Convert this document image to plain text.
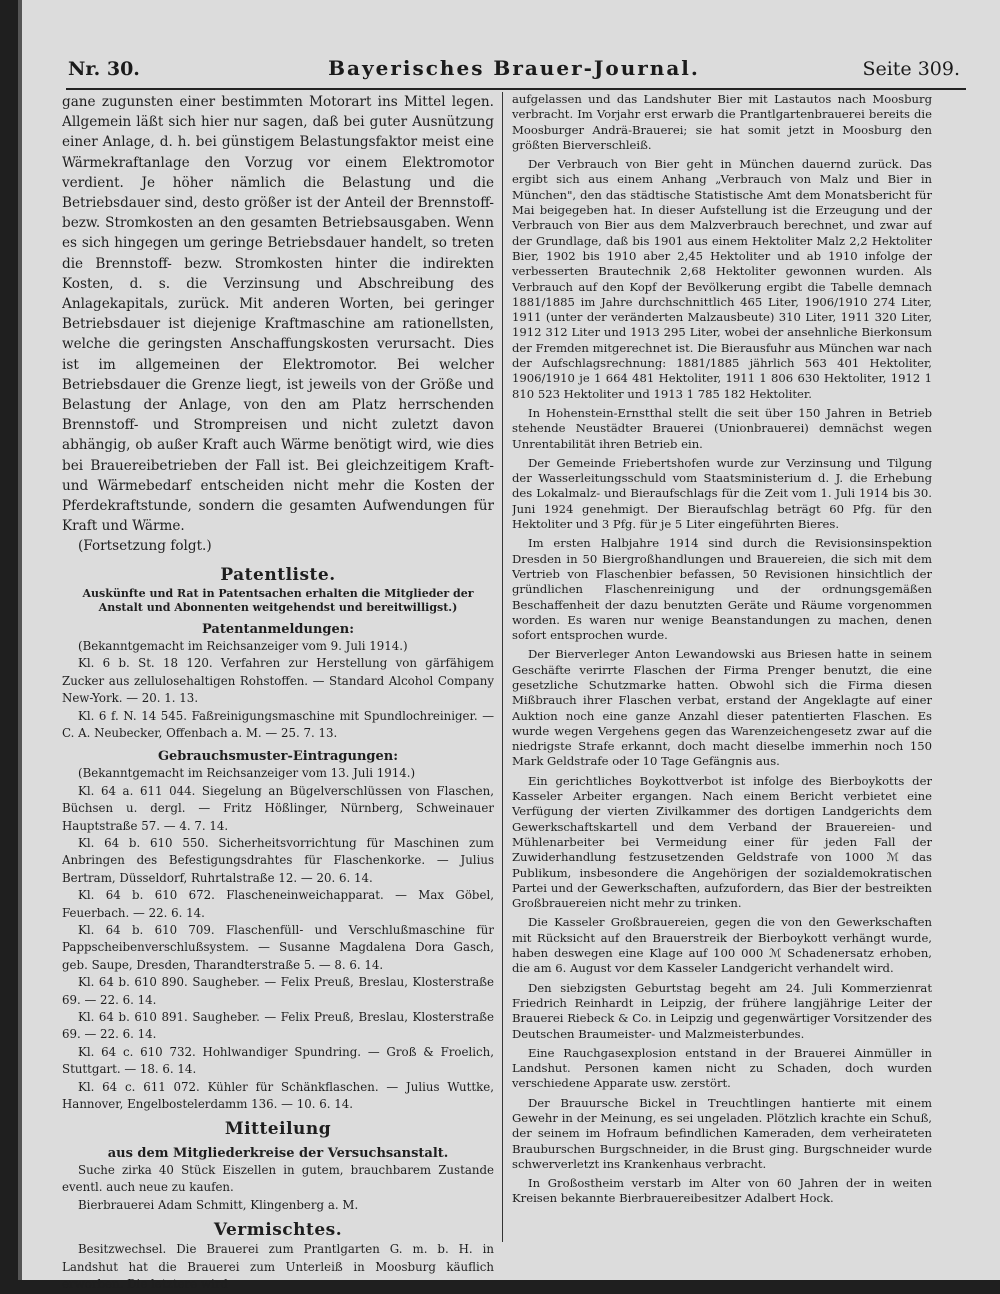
Nr. 30.	Bayerisches Brauer-Journal.	Seite 309.

gane zugunsten einer bestimmten Motorart ins Mittel legen. Allgemein läßt sich hier nur sagen, daß bei guter Ausnützung einer Anlage, d. h. bei günstigem Belastungsfaktor meist eine Wärmekraftanlage den Vorzug vor einem Elektromotor verdient. Je höher nämlich die Belastung und die Betriebsdauer sind, desto größer ist der Anteil der Brennstoff- bezw. Stromkosten an den gesamten Betriebsausgaben. Wenn es sich hingegen um geringe Betriebsdauer handelt, so treten die Brennstoff- bezw. Stromkosten hinter die indirekten Kosten, d. s. die Verzinsung und Abschreibung des Anlagekapitals, zurück. Mit anderen Worten, bei geringer Betriebsdauer ist diejenige Kraftmaschine am rationellsten, welche die geringsten Anschaffungskosten verursacht. Dies ist im allgemeinen der Elektromotor. Bei welcher Betriebsdauer die Grenze liegt, ist jeweils von der Größe und Belastung der Anlage, von den am Platz herrschenden Brennstoff- und Strompreisen und nicht zuletzt davon abhängig, ob außer Kraft auch Wärme benötigt wird, wie dies bei Brauereibetrieben der Fall ist. Bei gleichzeitigem Kraft- und Wärmebedarf entscheiden nicht mehr die Kosten der Pferdekraftstunde, sondern die gesamten Aufwendungen für Kraft und Wärme.

(Fortsetzung folgt.)

Patentliste.
Auskünfte und Rat in Patentsachen erhalten die Mitglieder der Anstalt und Abonnenten weitgehendst und bereitwilligst.)
Patentanmeldungen:

(Bekanntgemacht im Reichsanzeiger vom 9. Juli 1914.)

Kl. 6 b. St. 18 120. Verfahren zur Herstellung von gärfähigem Zucker aus zellulosehaltigen Rohstoffen. — Standard Alcohol Company New-York. — 20. 1. 13.

Kl. 6 f. N. 14 545. Faßreinigungsmaschine mit Spundlochreiniger. — C. A. Neubecker, Offenbach a. M. — 25. 7. 13.

Gebrauchsmuster-Eintragungen:

(Bekanntgemacht im Reichsanzeiger vom 13. Juli 1914.)

Kl. 64 a. 611 044. Siegelung an Bügelverschlüssen von Flaschen, Büchsen u. dergl. — Fritz Hößlinger, Nürnberg, Schweinauer Hauptstraße 57. — 4. 7. 14.

Kl. 64 b. 610 550. Sicherheitsvorrichtung für Maschinen zum Anbringen des Befestigungsdrahtes für Flaschenkorke. — Julius Bertram, Düsseldorf, Ruhrtalstraße 12. — 20. 6. 14.

Kl. 64 b. 610 672. Flascheneinweichapparat. — Max Göbel, Feuerbach. — 22. 6. 14.

Kl. 64 b. 610 709. Flaschenfüll- und Verschlußmaschine für Pappscheibenverschlußsystem. — Susanne Magdalena Dora Gasch, geb. Saupe, Dresden, Tharandterstraße 5. — 8. 6. 14.

Kl. 64 b. 610 890. Saugheber. — Felix Preuß, Breslau, Klosterstraße 69. — 22. 6. 14.

Kl. 64 b. 610 891. Saugheber. — Felix Preuß, Breslau, Klosterstraße 69. — 22. 6. 14.

Kl. 64 c. 610 732. Hohlwandiger Spundring. — Groß & Froelich, Stuttgart. — 18. 6. 14.

Kl. 64 c. 611 072. Kühler für Schänkflaschen. — Julius Wuttke, Hannover, Engelbostelerdamm 136. — 10. 6. 14.

Mitteilung
aus dem Mitgliederkreise der Versuchsanstalt.

Suche zirka 40 Stück Eiszellen in gutem, brauchbarem Zustande eventl. auch neue zu kaufen.

Bierbrauerei Adam Schmitt, Klingenberg a. M.

Vermischtes.

Besitzwechsel. Die Brauerei zum Prantlgarten G. m. b. H. in Landshut hat die Brauerei zum Unterleiß in Moosburg käuflich erworben. Die letztere wird

aufgelassen und das Landshuter Bier mit Lastautos nach Moosburg verbracht. Im Vorjahr erst erwarb die Prantlgartenbrauerei bereits die Moosburger Andrä-Brauerei; sie hat somit jetzt in Moosburg den größten Bierverschleiß.

Der Verbrauch von Bier geht in München dauernd zurück. Das ergibt sich aus einem Anhang „Verbrauch von Malz und Bier in München", den das städtische Statistische Amt dem Monatsbericht für Mai beigegeben hat. In dieser Aufstellung ist die Erzeugung und der Verbrauch von Bier aus dem Malzverbrauch berechnet, und zwar auf der Grundlage, daß bis 1901 aus einem Hektoliter Malz 2,2 Hektoliter Bier, 1902 bis 1910 aber 2,45 Hektoliter und ab 1910 infolge der verbesserten Brautechnik 2,68 Hektoliter gewonnen wurden. Als Verbrauch auf den Kopf der Bevölkerung ergibt die Tabelle demnach 1881/1885 im Jahre durchschnittlich 465 Liter, 1906/1910 274 Liter, 1911 (unter der veränderten Malzausbeute) 310 Liter, 1911 320 Liter, 1912 312 Liter und 1913 295 Liter, wobei der ansehnliche Bierkonsum der Fremden mitgerechnet ist. Die Bierausfuhr aus München war nach der Aufschlagsrechnung: 1881/1885 jährlich 563 401 Hektoliter, 1906/1910 je 1 664 481 Hektoliter, 1911 1 806 630 Hektoliter, 1912 1 810 523 Hektoliter und 1913 1 785 182 Hektoliter.

In Hohenstein-Ernstthal stellt die seit über 150 Jahren in Betrieb stehende Neustädter Brauerei (Unionbrauerei) demnächst wegen Unrentabilität ihren Betrieb ein.

Der Gemeinde Friebertshofen wurde zur Verzinsung und Tilgung der Wasserleitungsschuld vom Staatsministerium d. J. die Erhebung des Lokalmalz- und Bieraufschlags für die Zeit vom 1. Juli 1914 bis 30. Juni 1924 genehmigt. Der Bieraufschlag beträgt 60 Pfg. für den Hektoliter und 3 Pfg. für je 5 Liter eingeführten Bieres.

Im ersten Halbjahre 1914 sind durch die Revisionsinspektion Dresden in 50 Biergroßhandlungen und Brauereien, die sich mit dem Vertrieb von Flaschenbier befassen, 50 Revisionen hinsichtlich der gründlichen Flaschenreinigung und der ordnungsgemäßen Beschaffenheit der dazu benutzten Geräte und Räume vorgenommen worden. Es waren nur wenige Beanstandungen zu machen, denen sofort entsprochen wurde.

Der Bierverleger Anton Lewandowski aus Briesen hatte in seinem Geschäfte verirrte Flaschen der Firma Prenger benutzt, die eine gesetzliche Schutzmarke hatten. Obwohl sich die Firma diesen Mißbrauch ihrer Flaschen verbat, erstand der Angeklagte auf einer Auktion noch eine ganze Anzahl dieser patentierten Flaschen. Es wurde wegen Vergehens gegen das Warenzeichengesetz zwar auf die niedrigste Strafe erkannt, doch macht dieselbe immerhin noch 150 Mark Geldstrafe oder 10 Tage Gefängnis aus.

Ein gerichtliches Boykottverbot ist infolge des Bierboykotts der Kasseler Arbeiter ergangen. Nach einem Bericht verbietet eine Verfügung der vierten Zivilkammer des dortigen Landgerichts dem Gewerkschaftskartell und dem Verband der Brauereien- und Mühlenarbeiter bei Vermeidung einer für jeden Fall der Zuwiderhandlung festzusetzenden Geldstrafe von 1000 ℳ das Publikum, insbesondere die Angehörigen der sozialdemokratischen Partei und der Gewerkschaften, aufzufordern, das Bier der bestreikten Großbrauereien nicht mehr zu trinken.

Die Kasseler Großbrauereien, gegen die von den Gewerkschaften mit Rücksicht auf den Brauerstreik der Bierboykott verhängt wurde, haben deswegen eine Klage auf 100 000 ℳ Schadenersatz erhoben, die am 6. August vor dem Kasseler Landgericht verhandelt wird.

Den siebzigsten Geburtstag begeht am 24. Juli Kommerzienrat Friedrich Reinhardt in Leipzig, der frühere langjährige Leiter der Brauerei Riebeck & Co. in Leipzig und gegenwärtiger Vorsitzender des Deutschen Braumeister- und Malzmeisterbundes.

Eine Rauchgasexplosion entstand in der Brauerei Ainmüller in Landshut. Personen kamen nicht zu Schaden, doch wurden verschiedene Apparate usw. zerstört.

Der Brauursche Bickel in Treuchtlingen hantierte mit einem Gewehr in der Meinung, es sei ungeladen. Plötzlich krachte ein Schuß, der seinem im Hofraum befindlichen Kameraden, dem verheirateten Brauburschen Burgschneider, in die Brust ging. Burgschneider wurde schwerverletzt ins Krankenhaus verbracht.

In Großostheim verstarb im Alter von 60 Jahren der in weiten Kreisen bekannte Bierbrauereibesitzer Adalbert Hock.
